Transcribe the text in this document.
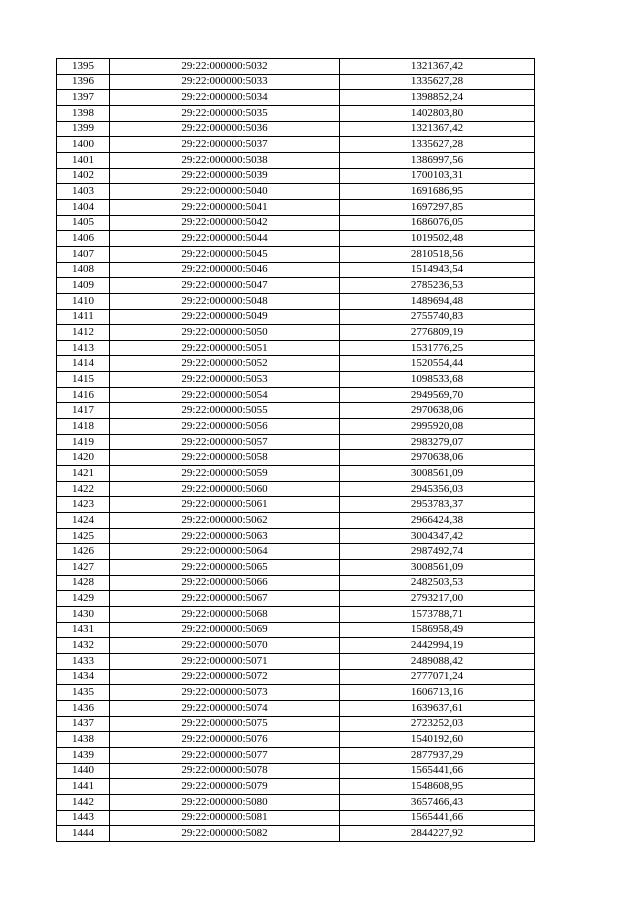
1395	29:22:000000:5032	1321367,42
1396	29:22:000000:5033	1335627,28
1397	29:22:000000:5034	1398852,24
1398	29:22:000000:5035	1402803,80
1399	29:22:000000:5036	1321367,42
1400	29:22:000000:5037	1335627,28
1401	29:22:000000:5038	1386997,56
1402	29:22:000000:5039	1700103,31
1403	29:22:000000:5040	1691686,95
1404	29:22:000000:5041	1697297,85
1405	29:22:000000:5042	1686076,05
1406	29:22:000000:5044	1019502,48
1407	29:22:000000:5045	2810518,56
1408	29:22:000000:5046	1514943,54
1409	29:22:000000:5047	2785236,53
1410	29:22:000000:5048	1489694,48
1411	29:22:000000:5049	2755740,83
1412	29:22:000000:5050	2776809,19
1413	29:22:000000:5051	1531776,25
1414	29:22:000000:5052	1520554,44
1415	29:22:000000:5053	1098533,68
1416	29:22:000000:5054	2949569,70
1417	29:22:000000:5055	2970638,06
1418	29:22:000000:5056	2995920,08
1419	29:22:000000:5057	2983279,07
1420	29:22:000000:5058	2970638,06
1421	29:22:000000:5059	3008561,09
1422	29:22:000000:5060	2945356,03
1423	29:22:000000:5061	2953783,37
1424	29:22:000000:5062	2966424,38
1425	29:22:000000:5063	3004347,42
1426	29:22:000000:5064	2987492,74
1427	29:22:000000:5065	3008561,09
1428	29:22:000000:5066	2482503,53
1429	29:22:000000:5067	2793217,00
1430	29:22:000000:5068	1573788,71
1431	29:22:000000:5069	1586958,49
1432	29:22:000000:5070	2442994,19
1433	29:22:000000:5071	2489088,42
1434	29:22:000000:5072	2777071,24
1435	29:22:000000:5073	1606713,16
1436	29:22:000000:5074	1639637,61
1437	29:22:000000:5075	2723252,03
1438	29:22:000000:5076	1540192,60
1439	29:22:000000:5077	2877937,29
1440	29:22:000000:5078	1565441,66
1441	29:22:000000:5079	1548608,95
1442	29:22:000000:5080	3657466,43
1443	29:22:000000:5081	1565441,66
1444	29:22:000000:5082	2844227,92
